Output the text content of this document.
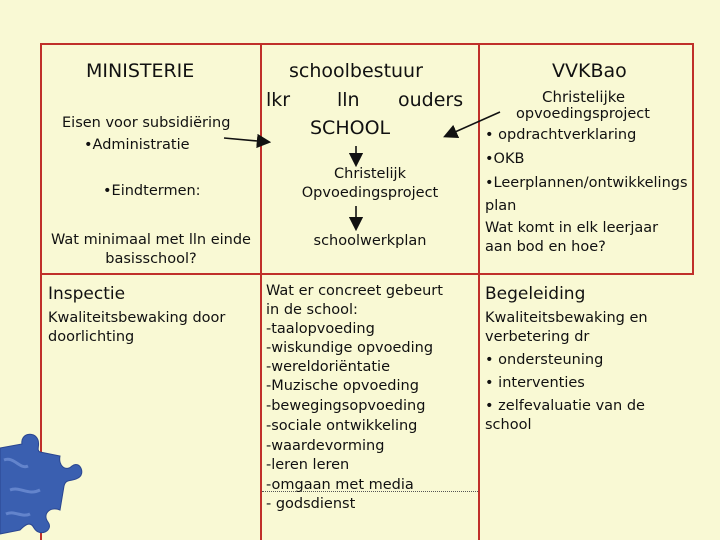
MINISTERIE
Eisen voor subsidiëring
•Administratie
•Eindtermen:
Wat minimaal met lln einde
basisschool?
schoolbestuur
lkr lln ouders
SCHOOL
Christelijk
Opvoedingsproject
schoolwerkplan
VVKBao
Christelijke
opvoedingsproject
• opdrachtverklaring
•OKB
•Leerplannen/ontwikkelings
plan
Wat komt in elk leerjaar
aan bod en hoe?
Inspectie
Kwaliteitsbewaking door
doorlichting
Wat er concreet gebeurt
in de school:
-taalopvoeding
-wiskundige opvoeding
-wereldoriëntatie
-Muzische opvoeding
-bewegingsopvoeding
-sociale ontwikkeling
-waardevorming
-leren leren
-omgaan met media
- godsdienst
Begeleiding
Kwaliteitsbewaking en
verbetering dr
• ondersteuning
• interventies
• zelfevaluatie van de
school
